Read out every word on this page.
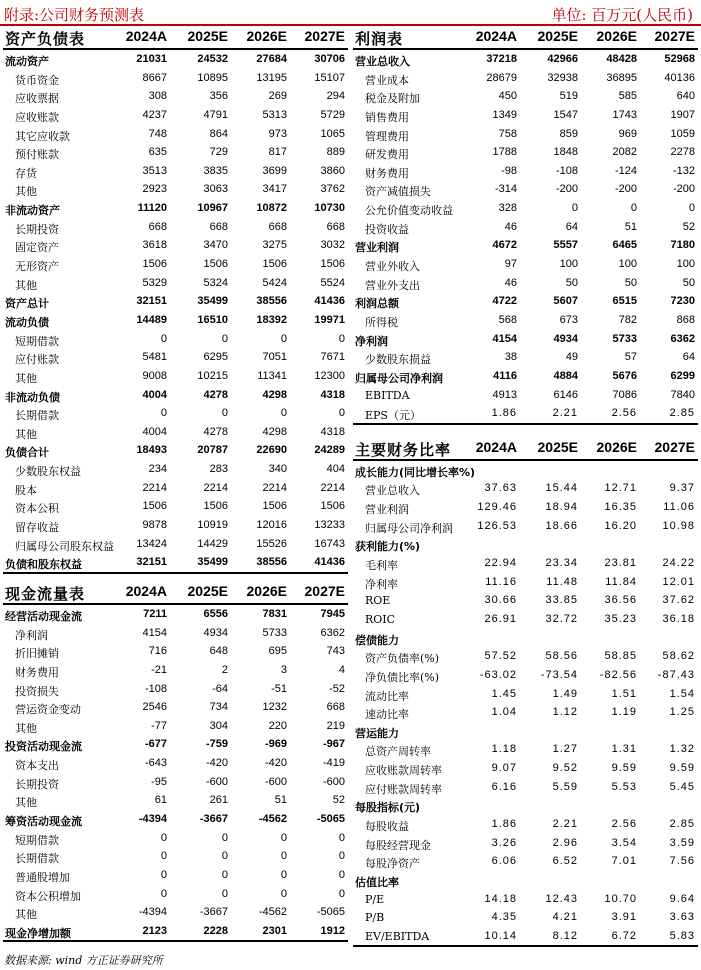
附录:公司财务预测表	单位: 百万元(人民币)
资产负债表	2024A	2025E	2026E	2027E
流动资产	21031	24532	27684	30706
货币资金	8667	10895	13195	15107
应收票据	308	356	269	294
应收账款	4237	4791	5313	5729
其它应收款	748	864	973	1065
预付账款	635	729	817	889
存货	3513	3835	3699	3860
其他	2923	3063	3417	3762
非流动资产	11120	10967	10872	10730
长期投资	668	668	668	668
固定资产	3618	3470	3275	3032
无形资产	1506	1506	1506	1506
其他	5329	5324	5424	5524
资产总计	32151	35499	38556	41436
流动负债	14489	16510	18392	19971
短期借款	0	0	0	0
应付账款	5481	6295	7051	7671
其他	9008	10215	11341	12300
非流动负债	4004	4278	4298	4318
长期借款	0	0	0	0
其他	4004	4278	4298	4318
负债合计	18493	20787	22690	24289
少数股东权益	234	283	340	404
股本	2214	2214	2214	2214
资本公积	1506	1506	1506	1506
留存收益	9878	10919	12016	13233
归属母公司股东权益	13424	14429	15526	16743
负债和股东权益	32151	35499	38556	41436
现金流量表	2024A	2025E	2026E	2027E
经营活动现金流	7211	6556	7831	7945
净利润	4154	4934	5733	6362
折旧摊销	716	648	695	743
财务费用	-21	2	3	4
投资损失	-108	-64	-51	-52
营运资金变动	2546	734	1232	668
其他	-77	304	220	219
投资活动现金流	-677	-759	-969	-967
资本支出	-643	-420	-420	-419
长期投资	-95	-600	-600	-600
其他	61	261	51	52
筹资活动现金流	-4394	-3667	-4562	-5065
短期借款	0	0	0	0
长期借款	0	0	0	0
普通股增加	0	0	0	0
资本公积增加	0	0	0	0
其他	-4394	-3667	-4562	-5065
现金净增加额	2123	2228	2301	1912
利润表	2024A	2025E	2026E	2027E
营业总收入	37218	42966	48428	52968
营业成本	28679	32938	36895	40136
税金及附加	450	519	585	640
销售费用	1349	1547	1743	1907
管理费用	758	859	969	1059
研发费用	1788	1848	2082	2278
财务费用	-98	-108	-124	-132
资产减值损失	-314	-200	-200	-200
公允价值变动收益	328	0	0	0
投资收益	46	64	51	52
营业利润	4672	5557	6465	7180
营业外收入	97	100	100	100
营业外支出	46	50	50	50
利润总额	4722	5607	6515	7230
所得税	568	673	782	868
净利润	4154	4934	5733	6362
少数股东损益	38	49	57	64
归属母公司净利润	4116	4884	5676	6299
EBITDA	4913	6146	7086	7840
EPS（元）	1.86	2.21	2.56	2.85
主要财务比率	2024A	2025E	2026E	2027E
成长能力(同比增长率%)
营业总收入	37.63	15.44	12.71	9.37
营业利润	129.46	18.94	16.35	11.06
归属母公司净利润	126.53	18.66	16.20	10.98
获利能力(%)
毛利率	22.94	23.34	23.81	24.22
净利率	11.16	11.48	11.84	12.01
ROE	30.66	33.85	36.56	37.62
ROIC	26.91	32.72	35.23	36.18
偿债能力
资产负债率(%)	57.52	58.56	58.85	58.62
净负债比率(%)	-63.02	-73.54	-82.56	-87.43
流动比率	1.45	1.49	1.51	1.54
速动比率	1.04	1.12	1.19	1.25
营运能力
总资产周转率	1.18	1.27	1.31	1.32
应收账款周转率	9.07	9.52	9.59	9.59
应付账款周转率	6.16	5.59	5.53	5.45
每股指标(元)
每股收益	1.86	2.21	2.56	2.85
每股经营现金	3.26	2.96	3.54	3.59
每股净资产	6.06	6.52	7.01	7.56
估值比率
P/E	14.18	12.43	10.70	9.64
P/B	4.35	4.21	3.91	3.63
EV/EBITDA	10.14	8.12	6.72	5.83
数据来源: wind 方正证券研究所
